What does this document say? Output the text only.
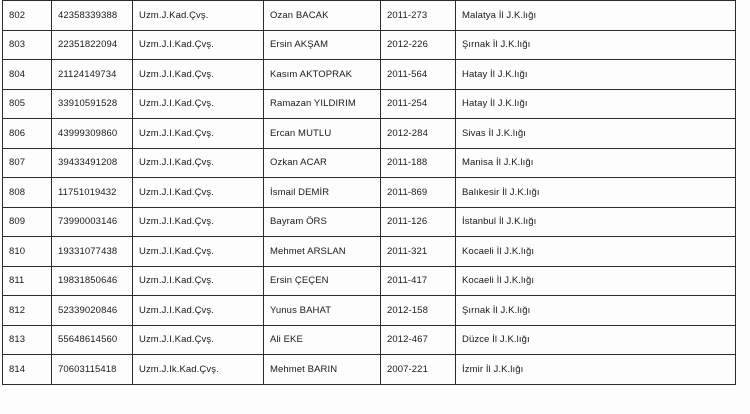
802	42358339388	Uzm.J.Kad.Çvş.	Ozan BACAK	2011-273	Malatya İl J.K.lığı
803	22351822094	Uzm.J.I.Kad.Çvş.	Ersin AKŞAM	2012-226	Şırnak İl J.K.lığı
804	21124149734	Uzm.J.I.Kad.Çvş.	Kasım AKTOPRAK	2011-564	Hatay İl J.K.lığı
805	33910591528	Uzm.J.I.Kad.Çvş.	Ramazan YILDIRIM	2011-254	Hatay İl J.K.lığı
806	43999309860	Uzm.J.I.Kad.Çvş.	Ercan MUTLU	2012-284	Sivas İl J.K.lığı
807	39433491208	Uzm.J.I.Kad.Çvş.	Ozkan ACAR	2011-188	Manisa İl J.K.lığı
808	11751019432	Uzm.J.I.Kad.Çvş.	İsmail DEMİR	2011-869	Balıkesir İl J.K.lığı
809	73990003146	Uzm.J.I.Kad.Çvş.	Bayram ÖRS	2011-126	İstanbul İl J.K.lığı
810	19331077438	Uzm.J.I.Kad.Çvş.	Mehmet ARSLAN	2011-321	Kocaeli İl J.K.lığı
811	19831850646	Uzm.J.I.Kad.Çvş.	Ersin ÇEÇEN	2011-417	Kocaeli İl J.K.lığı
812	52339020846	Uzm.J.I.Kad.Çvş.	Yunus BAHAT	2012-158	Şırnak İl J.K.lığı
813	55648614560	Uzm.J.I.Kad.Çvş.	Ali EKE	2012-467	Düzce İl J.K.lığı
814	70603115418	Uzm.J.Ik.Kad.Çvş.	Mehmet BARIN	2007-221	İzmir İl J.K.lığı
